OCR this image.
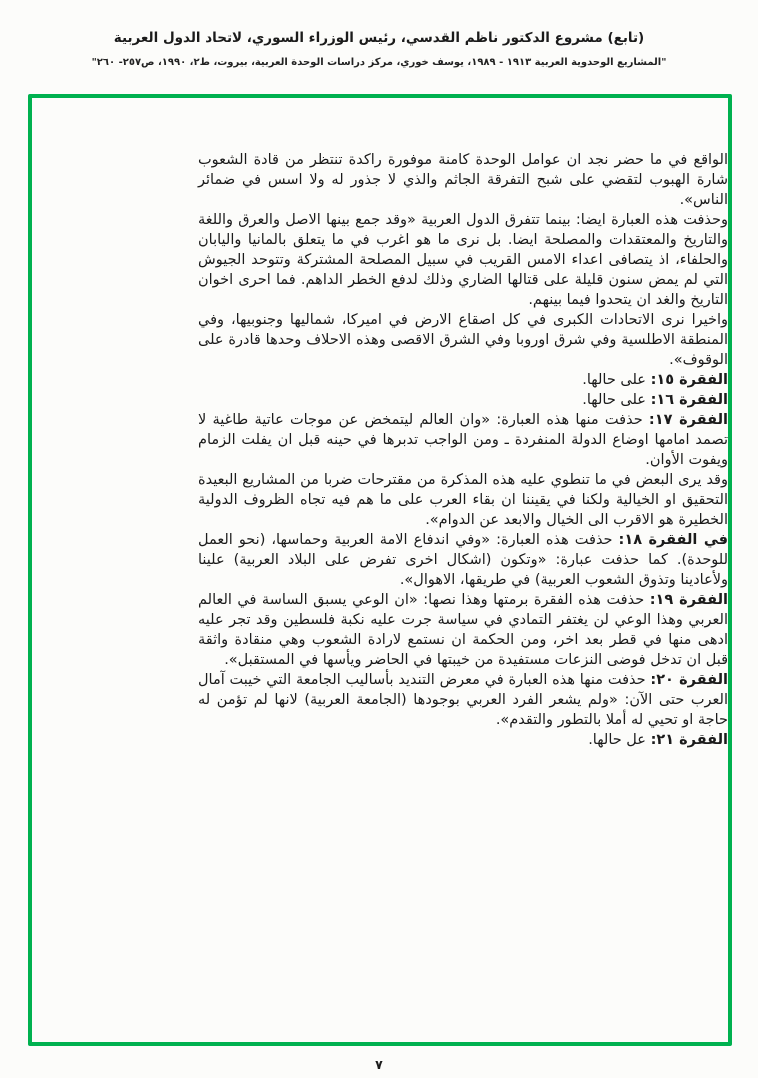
(تابع) مشروع الدكتور ناظم القدسي، رئيس الوزراء السوري، لاتحاد الدول العربية
"المشاريع الوحدوية العربية ١٩١٣ - ١٩٨٩، يوسف خوري، مركز دراسات الوحدة العربية، بيروت، ط٢، ١٩٩٠، ص٢٥٧- ٢٦٠"

الواقع في ما حضر نجد ان عوامل الوحدة كامنة موفورة راكدة تنتظر من قادة الشعوب شارة الهبوب لتقضي على شبح التفرقة الجاثم والذي لا جذور له ولا اسس في ضمائر الناس».

وحذفت هذه العبارة ايضا: بينما تتفرق الدول العربية «وقد جمع بينها الاصل والعرق واللغة والتاريخ والمعتقدات والمصلحة ايضا. بل نرى ما هو اغرب في ما يتعلق بالمانيا واليابان والحلفاء، اذ يتصافى اعداء الامس القريب في سبيل المصلحة المشتركة وتتوحد الجيوش التي لم يمض سنون قليلة على قتالها الضاري وذلك لدفع الخطر الداهم. فما احرى اخوان التاريخ والغد ان يتحدوا فيما بينهم.

واخيرا نرى الاتحادات الكبرى في كل اصقاع الارض في اميركا، شماليها وجنوبيها، وفي المنطقة الاطلسية وفي شرق اوروبا وفي الشرق الاقصى وهذه الاحلاف وحدها قادرة على الوقوف».

الفقرة ١٥: على حالها.

الفقرة ١٦: على حالها.

الفقرة ١٧: حذفت منها هذه العبارة: «وان العالم ليتمخض عن موجات عاتية طاغية لا تصمد امامها اوضاع الدولة المنفردة ـ ومن الواجب تدبرها في حينه قبل ان يفلت الزمام ويفوت الأوان.

وقد يرى البعض في ما تنطوي عليه هذه المذكرة من مقترحات ضربا من المشاريع البعيدة التحقيق او الخيالية ولكنا في يقيننا ان بقاء العرب على ما هم فيه تجاه الظروف الدولية الخطيرة هو الاقرب الى الخيال والابعد عن الدوام».

في الفقرة ١٨: حذفت هذه العبارة: «وفي اندفاع الامة العربية وحماسها، (نحو العمل للوحدة). كما حذفت عبارة: «وتكون (اشكال اخرى تفرض على البلاد العربية) علينا ولأعادينا وتذوق الشعوب العربية) في طريقها، الاهوال».

الفقرة ١٩: حذفت هذه الفقرة برمتها وهذا نصها: «ان الوعي يسبق الساسة في العالم العربي وهذا الوعي لن يغتفر التمادي في سياسة جرت عليه نكبة فلسطين وقد تجر عليه ادهى منها في قطر بعد اخر، ومن الحكمة ان نستمع لارادة الشعوب وهي منقادة واثقة قبل ان تدخل فوضى النزعات مستفيدة من خيبتها في الحاضر ويأسها في المستقبل».

الفقرة ٢٠: حذفت منها هذه العبارة في معرض التنديد بأساليب الجامعة التي خيبت آمال العرب حتى الآن: «ولم يشعر الفرد العربي بوجودها (الجامعة العربية) لانها لم تؤمن له حاجة او تحيي له أملا بالتطور والتقدم».

الفقرة ٢١: عل حالها.

٧
